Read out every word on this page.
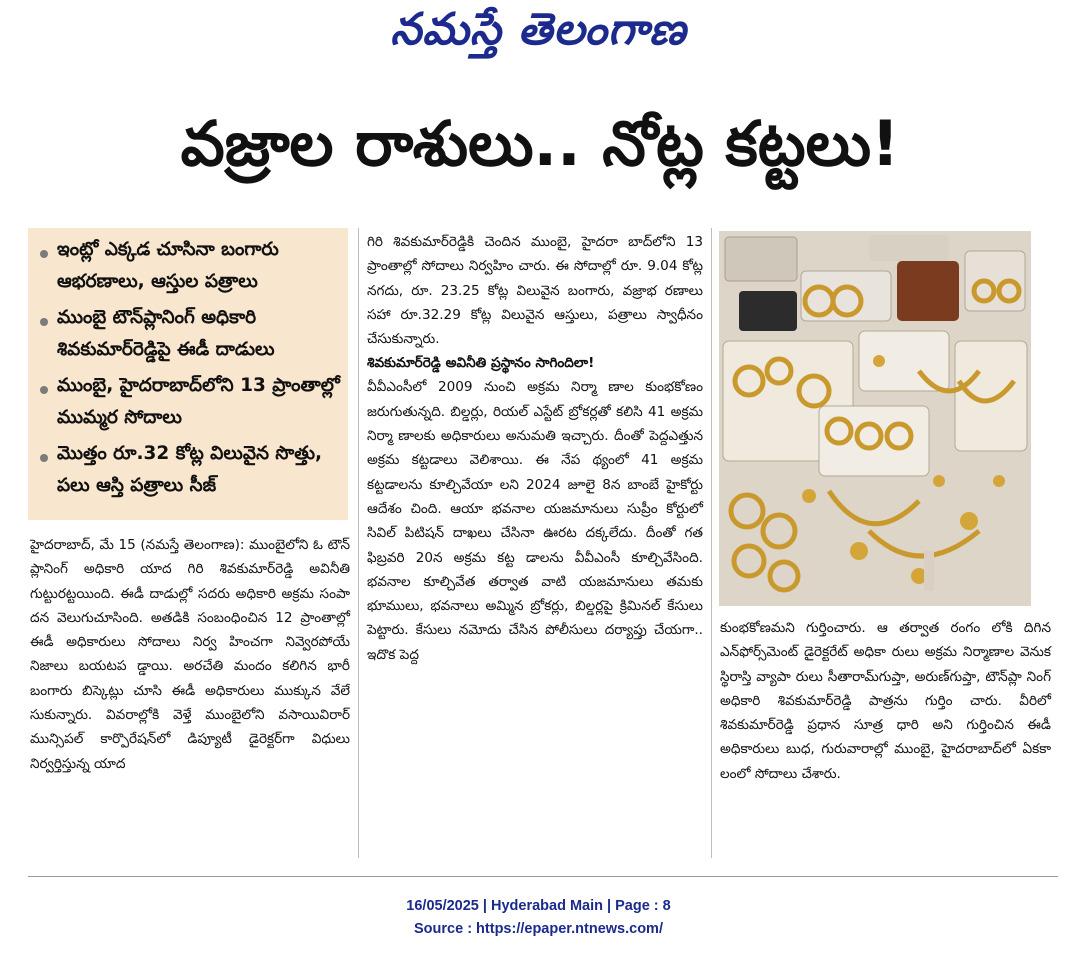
నమస్తే తెలంగాణ
వజ్రాల రాశులు.. నోట్ల కట్టలు!
ఇంట్లో ఎక్కడ చూసినా బంగారు ఆభరణాలు, ఆస్తుల పత్రాలు
ముంబై టౌన్‌ప్లానింగ్ అధికారి శివకుమార్‌రెడ్డిపై ఈడీ దాడులు
ముంబై, హైదరాబాద్‌లోని 13 ప్రాంతాల్లో ముమ్మర సోదాలు
మొత్తం రూ.32 కోట్ల విలువైన సొత్తు, పలు ఆస్తి పత్రాలు సీజ్

హైదరాబాద్, మే 15 (నమస్తే తెలంగాణ): ముంబైలోని ఓ టౌన్ ప్లానింగ్ అధికారి యాద గిరి శివకుమార్‌రెడ్డి అవినీతి గుట్టురట్టయింది. ఈడీ దాడుల్లో సదరు అధికారి అక్రమ సంపా దన వెలుగుచూసింది. అతడికి సంబంధించిన 12 ప్రాంతాల్లో ఈడీ అధికారులు సోదాలు నిర్వ హించగా నివ్వెరపోయే నిజాలు బయటప డ్డాయి. అరచేతి మందం కలిగిన భారీ బంగారు బిస్కెట్లు చూసి ఈడీ అధికారులు ముక్కున వేలే సుకున్నారు. వివరాల్లోకి వెళ్తే ముంబైలోని వసాయివిరార్ మున్సిపల్ కార్పొరేషన్‌లో డిప్యూటీ డైరెక్టర్‌గా విధులు నిర్వర్తిస్తున్న యాద

గిరి శివకుమార్‌రెడ్డికి చెందిన ముంబై, హైదరా బాద్‌లోని 13 ప్రాంతాల్లో సోదాలు నిర్వహిం చారు. ఈ సోదాల్లో రూ. 9.04 కోట్ల నగదు, రూ. 23.25 కోట్ల విలువైన బంగారు, వజ్రాభ రణాలు సహా రూ.32.29 కోట్ల విలువైన ఆస్తులు, పత్రాలు స్వాధీనం చేసుకున్నారు.

శివకుమార్‌రెడ్డి అవినీతి ప్రస్థానం సాగిందిలా!

వీవీఎంసీలో 2009 నుంచి అక్రమ నిర్మా ణాల కుంభకోణం జరుగుతున్నది. బిల్డర్లు, రియల్ ఎస్టేట్ బ్రోకర్లతో కలిసి 41 అక్రమ నిర్మా ణాలకు అధికారులు అనుమతి ఇచ్చారు. దీంతో పెద్దఎత్తున అక్రమ కట్టడాలు వెలిశాయి. ఈ నేప థ్యంలో 41 అక్రమ కట్టడాలను కూల్చివేయా లని 2024 జూలై 8న బాంబే హైకోర్టు ఆదేశం చింది. ఆయా భవనాల యజమానులు సుప్రీం కోర్టులో సివిల్ పిటిషన్ దాఖలు చేసినా ఊరట దక్కలేదు. దీంతో గత ఫిబ్రవరి 20న అక్రమ కట్ట డాలను వీవీఎంసీ కూల్చివేసింది. భవనాల కూల్చివేత తర్వాత వాటి యజమానులు తమకు భూములు, భవనాలు అమ్మిన బ్రోకర్లు, బిల్డర్లపై క్రిమినల్ కేసులు పెట్టారు. కేసులు నమోదు చేసిన పోలీసులు దర్యాప్తు చేయగా.. ఇదొక పెద్ద

కుంభకోణమని గుర్తించారు. ఆ తర్వాత రంగం లోకి దిగిన ఎన్‌ఫోర్స్‌మెంట్ డైరెక్టరేట్ అధికా రులు అక్రమ నిర్మాణాల వెనుక స్థిరాస్తి వ్యాపా రులు సీతారామ్‌గుప్తా, అరుణ్‌గుప్తా, టౌన్‌ప్లా నింగ్ అధికారి శివకుమార్‌రెడ్డి పాత్రను గుర్తిం చారు. వీరిలో శివకుమార్‌రెడ్డి ప్రధాన సూత్ర ధారి అని గుర్తించిన ఈడీ అధికారులు బుధ, గురువారాల్లో ముంబై, హైదరాబాద్‌లో ఏకకా లంలో సోదాలు చేశారు.

16/05/2025 | Hyderabad Main | Page : 8
Source : https://epaper.ntnews.com/
